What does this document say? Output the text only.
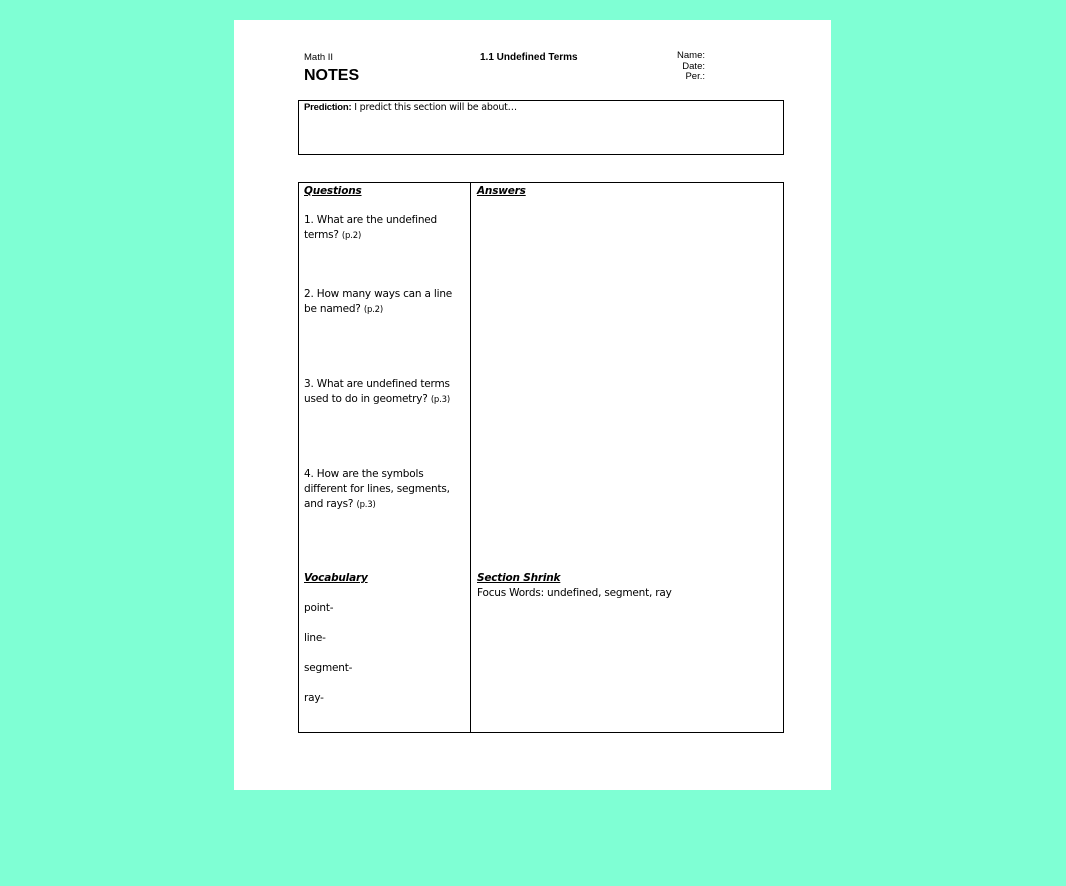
Math II
NOTES
1.1 Undefined Terms	Name:
Date:
Per.:
Prediction: I predict this section will be about…
Questions	Answers
1. What are the undefined terms? (p.2)
2. How many ways can a line be named? (p.2)
3. What are undefined terms used to do in geometry? (p.3)
4. How are the symbols different for lines, segments, and rays? (p.3)
Vocabulary
point-
line-
segment-
ray-
Section Shrink
Focus Words: undefined, segment, ray
